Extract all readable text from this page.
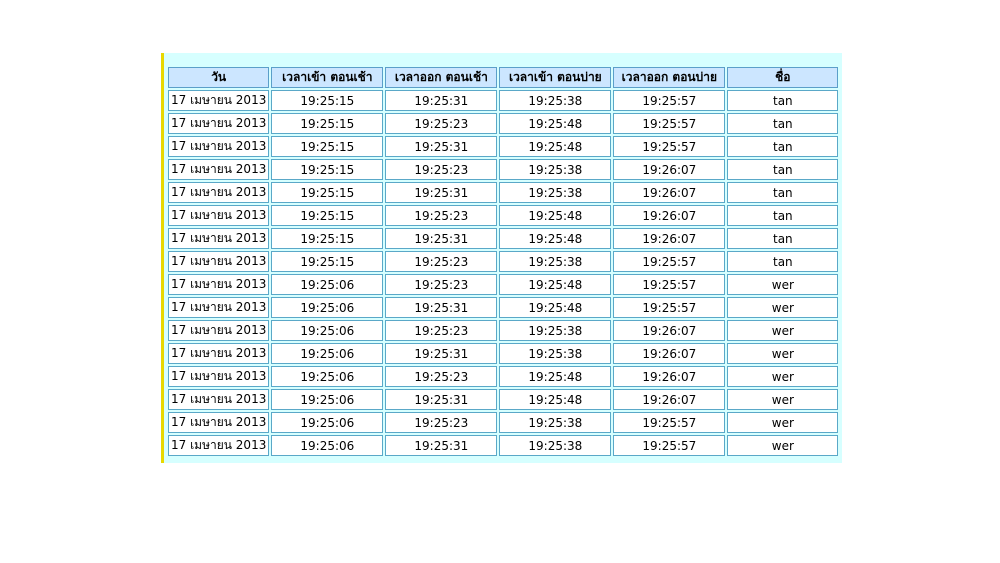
วัน	เวลาเข้า ตอนเช้า	เวลาออก ตอนเช้า	เวลาเข้า ตอนบ่าย	เวลาออก ตอนบ่าย	ชื่อ
17 เมษายน 2013	19:25:15	19:25:31	19:25:38	19:25:57	tan
17 เมษายน 2013	19:25:15	19:25:23	19:25:48	19:25:57	tan
17 เมษายน 2013	19:25:15	19:25:31	19:25:48	19:25:57	tan
17 เมษายน 2013	19:25:15	19:25:23	19:25:38	19:26:07	tan
17 เมษายน 2013	19:25:15	19:25:31	19:25:38	19:26:07	tan
17 เมษายน 2013	19:25:15	19:25:23	19:25:48	19:26:07	tan
17 เมษายน 2013	19:25:15	19:25:31	19:25:48	19:26:07	tan
17 เมษายน 2013	19:25:15	19:25:23	19:25:38	19:25:57	tan
17 เมษายน 2013	19:25:06	19:25:23	19:25:48	19:25:57	wer
17 เมษายน 2013	19:25:06	19:25:31	19:25:48	19:25:57	wer
17 เมษายน 2013	19:25:06	19:25:23	19:25:38	19:26:07	wer
17 เมษายน 2013	19:25:06	19:25:31	19:25:38	19:26:07	wer
17 เมษายน 2013	19:25:06	19:25:23	19:25:48	19:26:07	wer
17 เมษายน 2013	19:25:06	19:25:31	19:25:48	19:26:07	wer
17 เมษายน 2013	19:25:06	19:25:23	19:25:38	19:25:57	wer
17 เมษายน 2013	19:25:06	19:25:31	19:25:38	19:25:57	wer
